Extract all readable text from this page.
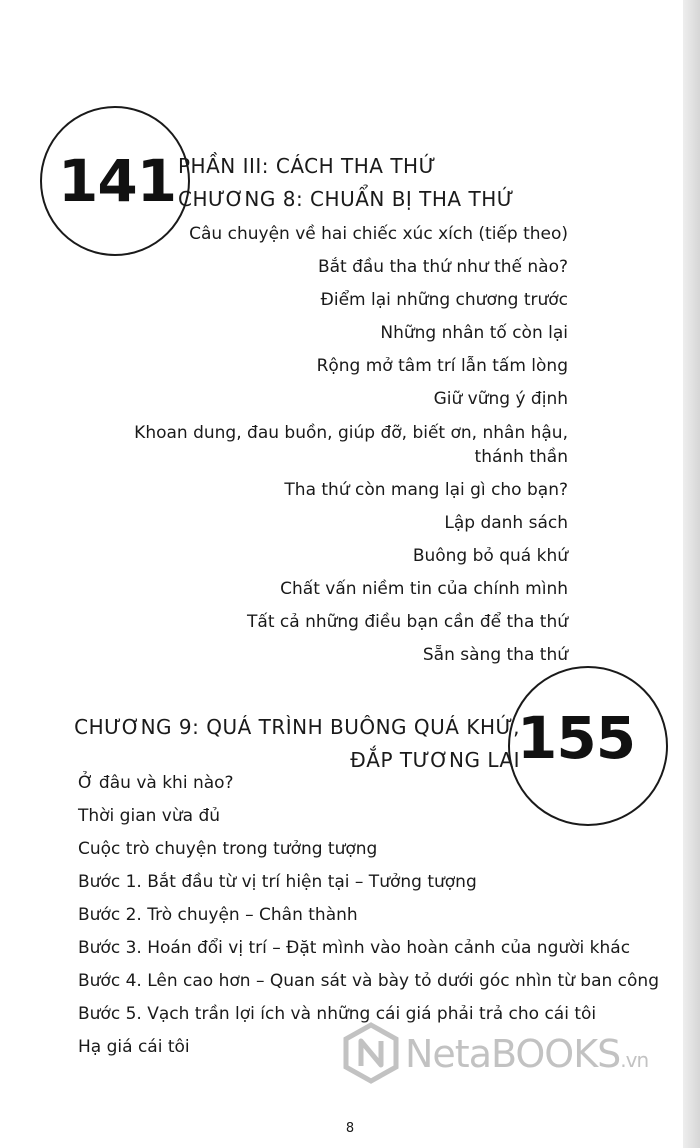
141 PHẦN III: CÁCH THA THỨ
CHƯƠNG 8: CHUẨN BỊ THA THỨ
Câu chuyện về hai chiếc xúc xích (tiếp theo)
Bắt đầu tha thứ như thế nào?
Điểm lại những chương trước
Những nhân tố còn lại
Rộng mở tâm trí lẫn tấm lòng
Giữ vững ý định
Khoan dung, đau buồn, giúp đỡ, biết ơn, nhân hậu,
thánh thần
Tha thứ còn mang lại gì cho bạn?
Lập danh sách
Buông bỏ quá khứ
Chất vấn niềm tin của chính mình
Tất cả những điều bạn cần để tha thứ
Sẵn sàng tha thứ
CHƯƠNG 9: QUÁ TRÌNH BUÔNG QUÁ KHỨ,
ĐẮP TƯƠNG LAI
155
Ở đâu và khi nào?
Thời gian vừa đủ
Cuộc trò chuyện trong tưởng tượng
Bước 1. Bắt đầu từ vị trí hiện tại – Tưởng tượng
Bước 2. Trò chuyện – Chân thành
Bước 3. Hoán đổi vị trí – Đặt mình vào hoàn cảnh của người khác
Bước 4. Lên cao hơn – Quan sát và bày tỏ dưới góc nhìn từ ban công
Bước 5. Vạch trần lợi ích và những cái giá phải trả cho cái tôi
Hạ giá cái tôi	NetaBOOKS.vn
8
